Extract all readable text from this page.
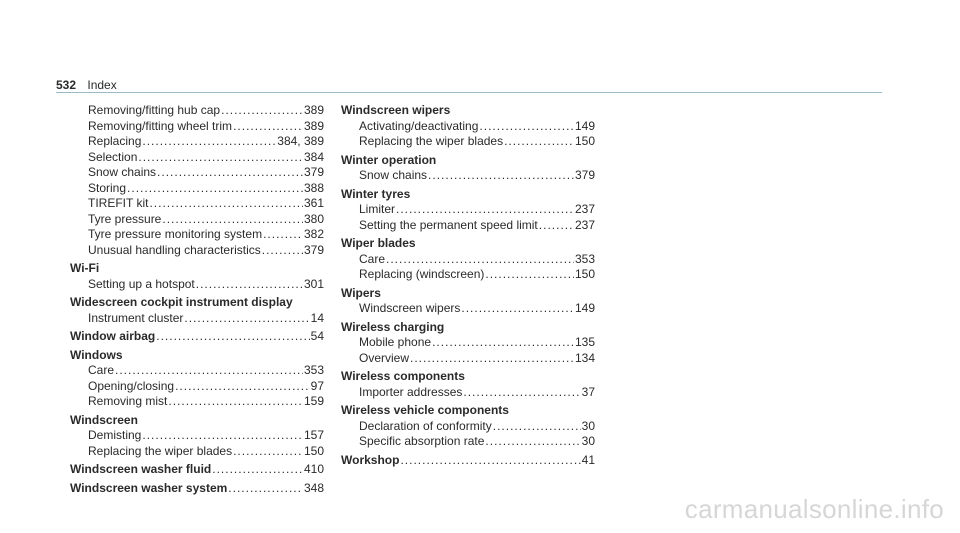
532 Index
Removing/fitting hub cap .....	389
Removing/fitting wheel trim .....	389
Replacing .....	384, 389
Selection .....	384
Snow chains .....	379
Storing .....	388
TIREFIT kit .....	361
Tyre pressure .....	380
Tyre pressure monitoring system .....	382
Unusual handling characteristics .....	379
Wi-Fi
Setting up a hotspot .....	301
Widescreen cockpit instrument display
Instrument cluster .....	14
Window airbag .....	54
Windows
Care .....	353
Opening/closing .....	97
Removing mist .....	159
Windscreen
Demisting .....	157
Replacing the wiper blades .....	150
Windscreen washer fluid .....	410
Windscreen washer system .....	348
Windscreen wipers
Activating/deactivating .....	149
Replacing the wiper blades .....	150
Winter operation
Snow chains .....	379
Winter tyres
Limiter .....	237
Setting the permanent speed limit .....	237
Wiper blades
Care .....	353
Replacing (windscreen) .....	150
Wipers
Windscreen wipers .....	149
Wireless charging
Mobile phone .....	135
Overview .....	134
Wireless components
Importer addresses .....	37
Wireless vehicle components
Declaration of conformity .....	30
Specific absorption rate .....	30
Workshop .....	41
carmanualsonline.info
